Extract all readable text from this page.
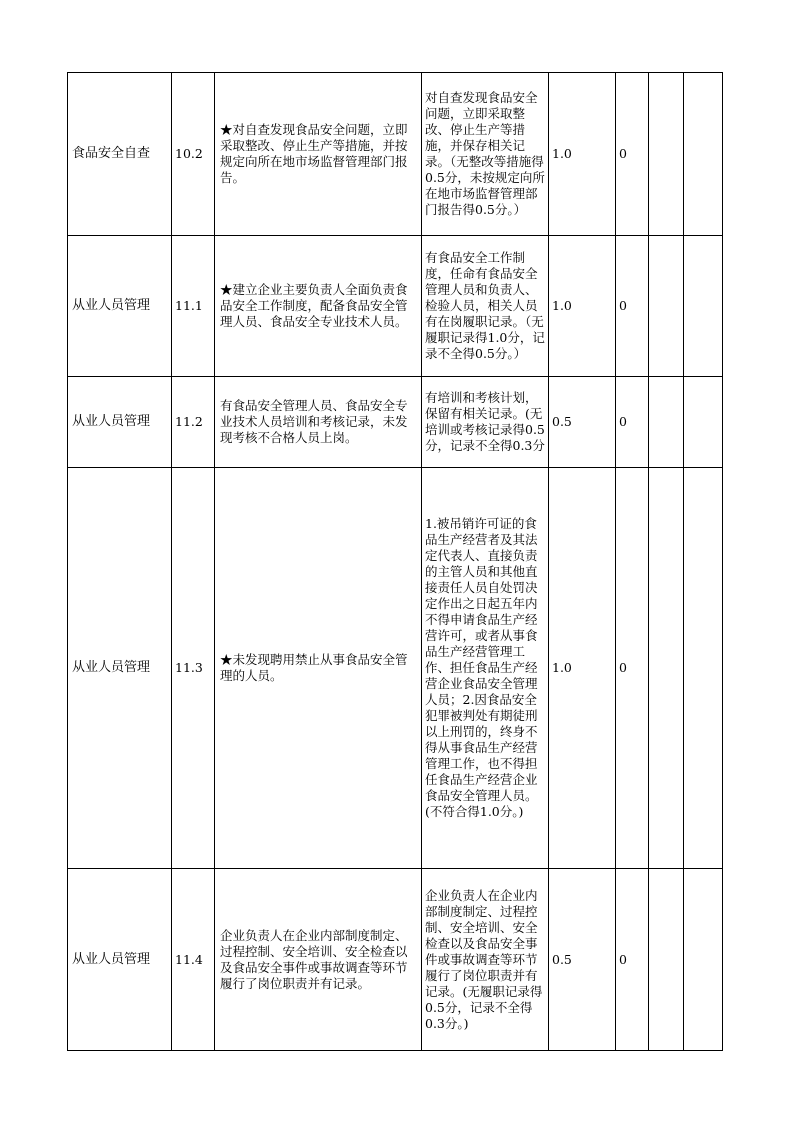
食品安全自查	10.2	★对自查发现食品安全问题，立即采取整改、停止生产等措施，并按规定向所在地市场监督管理部门报告。	对自查发现食品安全问题，立即采取整改、停止生产等措施，并保存相关记录。（无整改等措施得0.5分，未按规定向所在地市场监督管理部门报告得0.5分。）	1.0	0		
从业人员管理	11.1	★建立企业主要负责人全面负责食品安全工作制度，配备食品安全管理人员、食品安全专业技术人员。	有食品安全工作制度，任命有食品安全管理人员和负责人、检验人员，相关人员有在岗履职记录。（无履职记录得1.0分，记录不全得0.5分。）	1.0	0		
从业人员管理	11.2	有食品安全管理人员、食品安全专业技术人员培训和考核记录，未发现考核不合格人员上岗。	有培训和考核计划，保留有相关记录。(无培训或考核记录得0.5分，记录不全得0.3分	0.5	0		
从业人员管理	11.3	★未发现聘用禁止从事食品安全管理的人员。	1.被吊销许可证的食品生产经营者及其法定代表人、直接负责的主管人员和其他直接责任人员自处罚决定作出之日起五年内不得申请食品生产经营许可，或者从事食品生产经营管理工作、担任食品生产经营企业食品安全管理人员；2.因食品安全犯罪被判处有期徒刑以上刑罚的，终身不得从事食品生产经营管理工作，也不得担任食品生产经营企业食品安全管理人员。(不符合得1.0分。)	1.0	0		
从业人员管理	11.4	企业负责人在企业内部制度制定、过程控制、安全培训、安全检查以及食品安全事件或事故调查等环节履行了岗位职责并有记录。	企业负责人在企业内部制度制定、过程控制、安全培训、安全检查以及食品安全事件或事故调查等环节履行了岗位职责并有记录。(无履职记录得0.5分，记录不全得0.3分。)	0.5	0		
